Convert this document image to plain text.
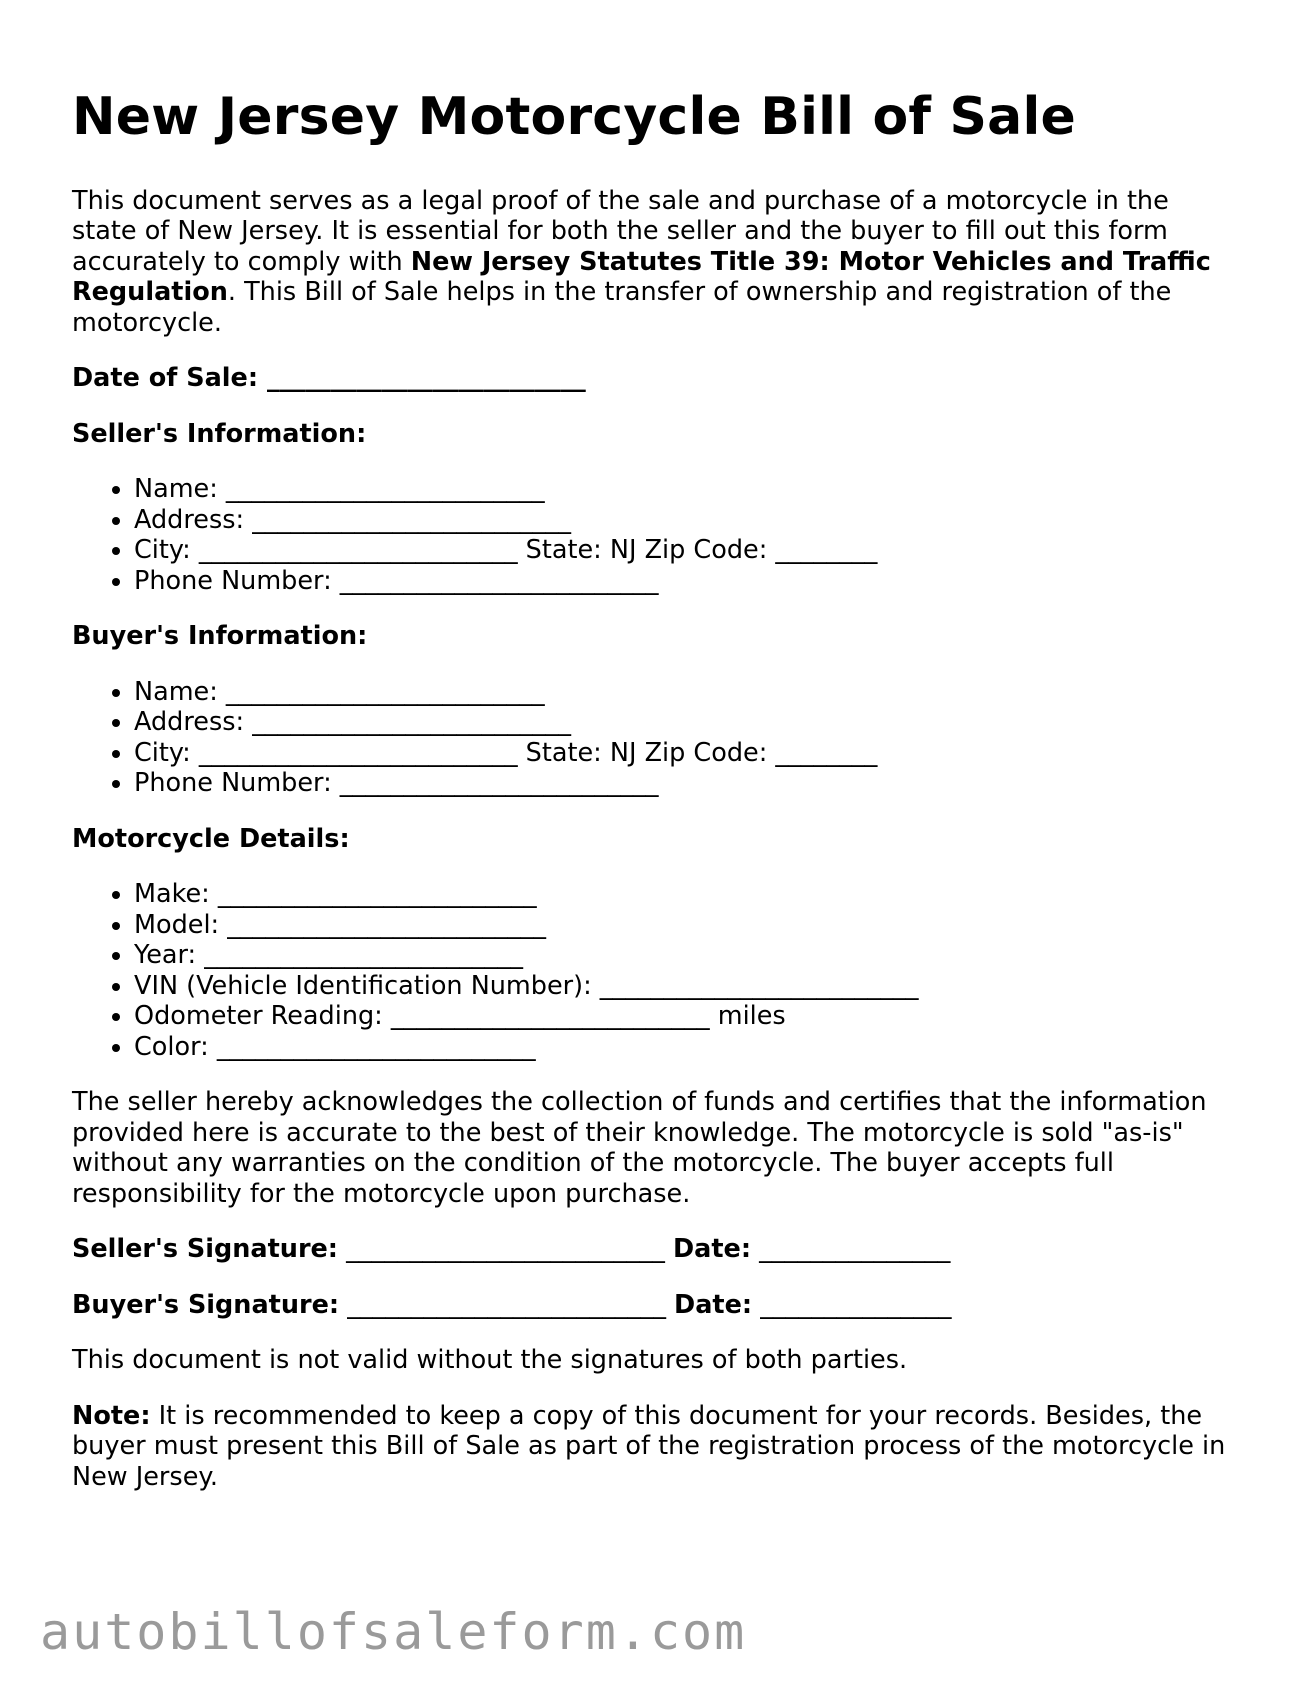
New Jersey Motorcycle Bill of Sale

This document serves as a legal proof of the sale and purchase of a motorcycle in the state of New Jersey. It is essential for both the seller and the buyer to fill out this form accurately to comply with New Jersey Statutes Title 39: Motor Vehicles and Traffic Regulation. This Bill of Sale helps in the transfer of ownership and registration of the motorcycle.

Date of Sale: _________________________

Seller's Information:

• Name: _________________________
• Address: _________________________
• City: _________________________ State: NJ Zip Code: ________
• Phone Number: _________________________

Buyer's Information:

• Name: _________________________
• Address: _________________________
• City: _________________________ State: NJ Zip Code: ________
• Phone Number: _________________________

Motorcycle Details:

• Make: _________________________
• Model: _________________________
• Year: _________________________
• VIN (Vehicle Identification Number): _________________________
• Odometer Reading: _________________________ miles
• Color: _________________________

The seller hereby acknowledges the collection of funds and certifies that the information provided here is accurate to the best of their knowledge. The motorcycle is sold "as-is" without any warranties on the condition of the motorcycle. The buyer accepts full responsibility for the motorcycle upon purchase.

Seller's Signature: _________________________ Date: _______________

Buyer's Signature: _________________________ Date: _______________

This document is not valid without the signatures of both parties.

Note: It is recommended to keep a copy of this document for your records. Besides, the buyer must present this Bill of Sale as part of the registration process of the motorcycle in New Jersey.

autobillofsaleform.com
